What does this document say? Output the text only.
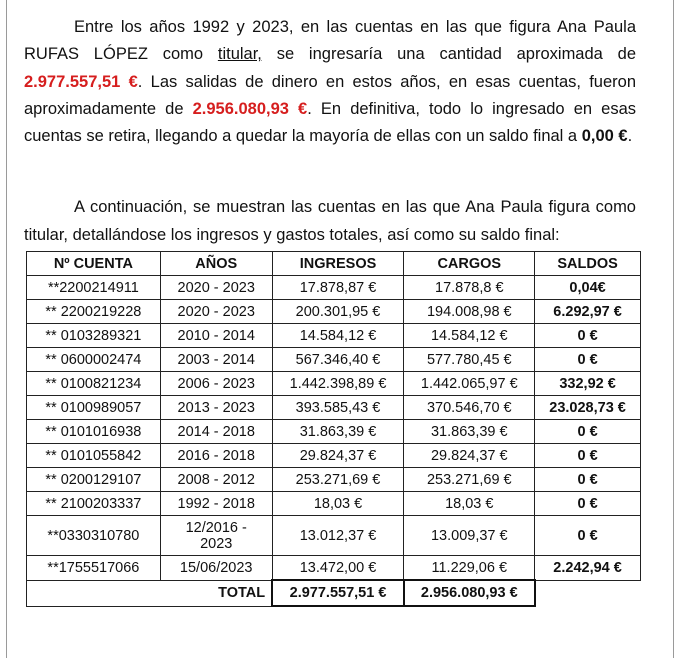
Entre los años 1992 y 2023, en las cuentas en las que figura Ana Paula RUFAS LÓPEZ como titular, se ingresaría una cantidad aproximada de 2.977.557,51 €. Las salidas de dinero en estos años, en esas cuentas, fueron aproximadamente de 2.956.080,93 €. En definitiva, todo lo ingresado en esas cuentas se retira, llegando a quedar la mayoría de ellas con un saldo final a 0,00 €.

A continuación, se muestran las cuentas en las que Ana Paula figura como titular, detallándose los ingresos y gastos totales, así como su saldo final:

Nº CUENTA	AÑOS	INGRESOS	CARGOS	SALDOS
**2200214911	2020 - 2023	17.878,87 €	17.878,8 €	0,04€
** 2200219228	2020 - 2023	200.301,95 €	194.008,98 €	6.292,97 €
** 0103289321	2010 - 2014	14.584,12 €	14.584,12 €	0 €
** 0600002474	2003 - 2014	567.346,40 €	577.780,45 €	0 €
** 0100821234	2006 - 2023	1.442.398,89 €	1.442.065,97 €	332,92 €
** 0100989057	2013 - 2023	393.585,43 €	370.546,70 €	23.028,73 €
** 0101016938	2014 - 2018	31.863,39 €	31.863,39 €	0 €
** 0101055842	2016 - 2018	29.824,37 €	29.824,37 €	0 €
** 0200129107	2008 - 2012	253.271,69 €	253.271,69 €	0 €
** 2100203337	1992 - 2018	18,03 €	18,03 €	0 €
**0330310780	12/2016 - 2023	13.012,37 €	13.009,37 €	0 €
**1755517066	15/06/2023	13.472,00 €	11.229,06 €	2.242,94 €
	TOTAL	2.977.557,51 €	2.956.080,93 €	
